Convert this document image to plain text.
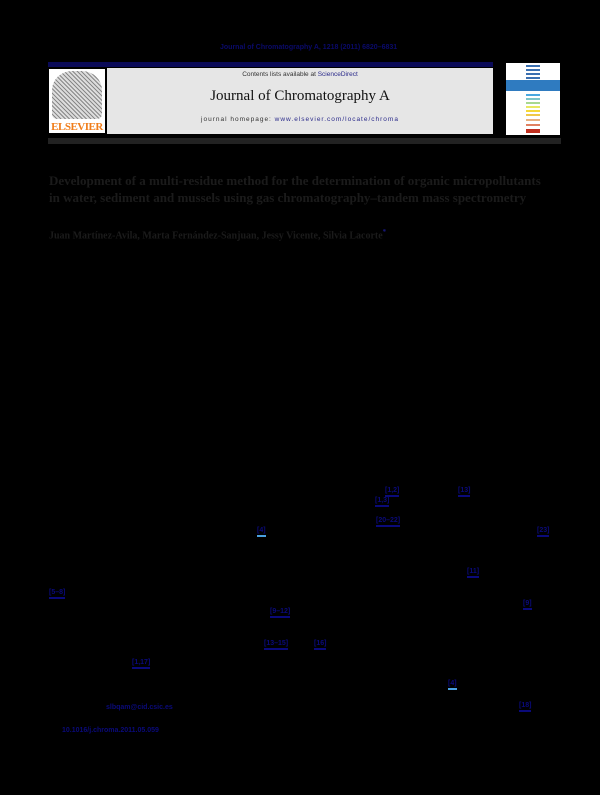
Journal of Chromatography A, 1218 (2011) 6820–6831
ELSEVIER
Contents lists available at ScienceDirect
Journal of Chromatography A
journal homepage: www.elsevier.com/locate/chroma
Development of a multi-residue method for the determination of organic micropollutants in water, sediment and mussels using gas chromatography–tandem mass spectrometry
Juan Martínez-Avila, Marta Fernández-Sanjuan, Jessy Vicente, Silvia Lacorte*
[1,2]	[13]
[1,3]
[20–22]
[4]	[23]
[11]
[5–8]
[9]
[9–12]
[13–15]	[16]
[1,17]
[4]
[18]
slbqam@cid.csic.es
10.1016/j.chroma.2011.05.059
